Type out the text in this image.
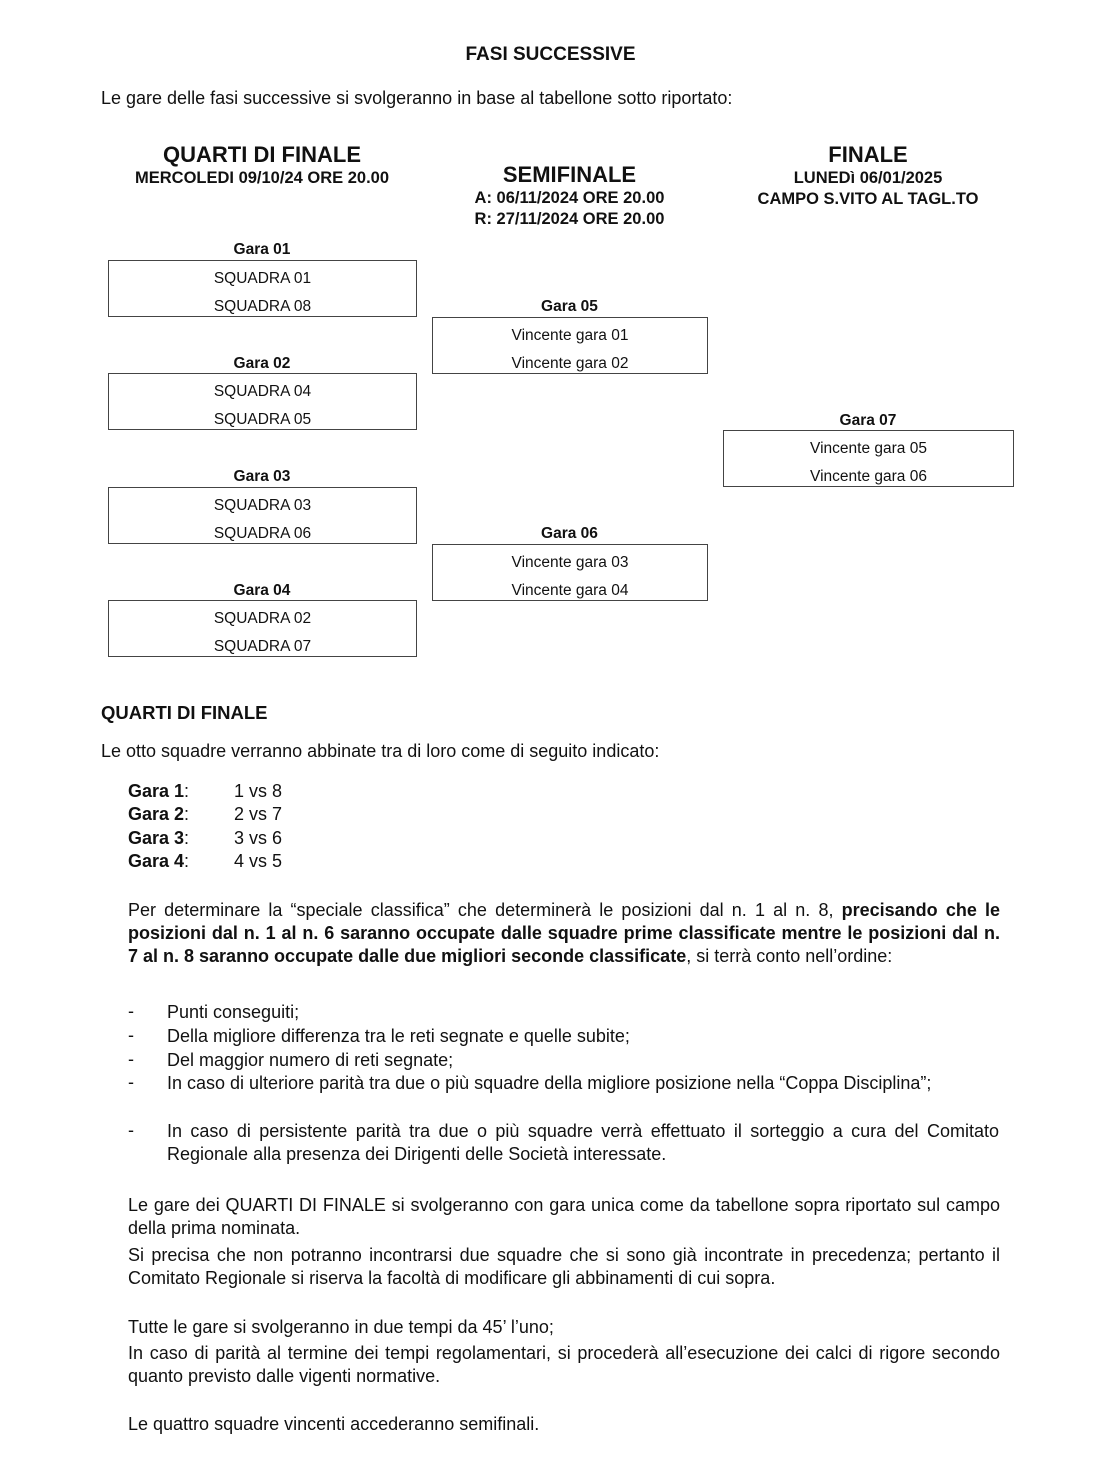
FASI SUCCESSIVE
Le gare delle fasi successive si svolgeranno in base al tabellone sotto riportato:
QUARTI DI FINALE
MERCOLEDI 09/10/24 ORE 20.00	SEMIFINALE
A: 06/11/2024 ORE 20.00
R: 27/11/2024 ORE 20.00
FINALE
LUNEDì 06/01/2025
CAMPO S.VITO AL TAGL.TO
Gara 01
SQUADRA 01
SQUADRA 08
Gara 02
SQUADRA 04
SQUADRA 05
Gara 03
SQUADRA 03
SQUADRA 06
Gara 04
SQUADRA 02
SQUADRA 07
Gara 05
Vincente gara 01
Vincente gara 02
Gara 06
Vincente gara 03
Vincente gara 04
Gara 07
Vincente gara 05
Vincente gara 06
QUARTI DI FINALE
Le otto squadre verranno abbinate tra di loro come di seguito indicato:
Gara 1: 1 vs 8
Gara 2: 2 vs 7
Gara 3: 3 vs 6
Gara 4: 4 vs 5
Per determinare la “speciale classifica” che determinerà le posizioni dal n. 1 al n. 8, precisando che le posizioni dal n. 1 al n. 6 saranno occupate dalle squadre prime classificate mentre le posizioni dal n. 7 al n. 8 saranno occupate dalle due migliori seconde classificate, si terrà conto nell’ordine:
- Punti conseguiti;
- Della migliore differenza tra le reti segnate e quelle subite;
- Del maggior numero di reti segnate;
- In caso di ulteriore parità tra due o più squadre della migliore posizione nella “Coppa Disciplina”;
- In caso di persistente parità tra due o più squadre verrà effettuato il sorteggio a cura del Comitato Regionale alla presenza dei Dirigenti delle Società interessate.
Le gare dei QUARTI DI FINALE si svolgeranno con gara unica come da tabellone sopra riportato sul campo della prima nominata.
Si precisa che non potranno incontrarsi due squadre che si sono già incontrate in precedenza; pertanto il Comitato Regionale si riserva la facoltà di modificare gli abbinamenti di cui sopra.
Tutte le gare si svolgeranno in due tempi da 45’ l’uno;
In caso di parità al termine dei tempi regolamentari, si procederà all’esecuzione dei calci di rigore secondo quanto previsto dalle vigenti normative.
Le quattro squadre vincenti accederanno semifinali.
